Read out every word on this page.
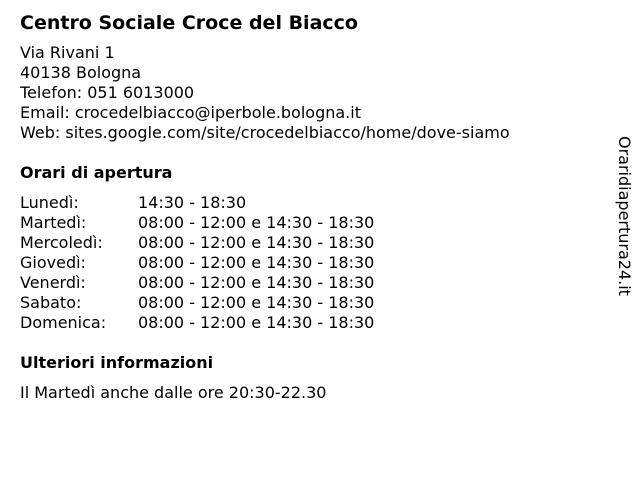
Centro Sociale Croce del Biacco
Via Rivani 1
40138 Bologna
Telefon: 051 6013000
Email: crocedelbiacco@iperbole.bologna.it
Web: sites.google.com/site/crocedelbiacco/home/dove-siamo
Orari di apertura
Lunedì:	14:30 - 18:30
Martedì:	08:00 - 12:00 e 14:30 - 18:30
Mercoledì: 08:00 - 12:00 e 14:30 - 18:30
Giovedì:	08:00 - 12:00 e 14:30 - 18:30
Venerdì:	08:00 - 12:00 e 14:30 - 18:30
Sabato:	08:00 - 12:00 e 14:30 - 18:30
Domenica: 08:00 - 12:00 e 14:30 - 18:30
Ulteriori informazioni
Il Martedì anche dalle ore 20:30-22.30
Oraridiapertura24.it
